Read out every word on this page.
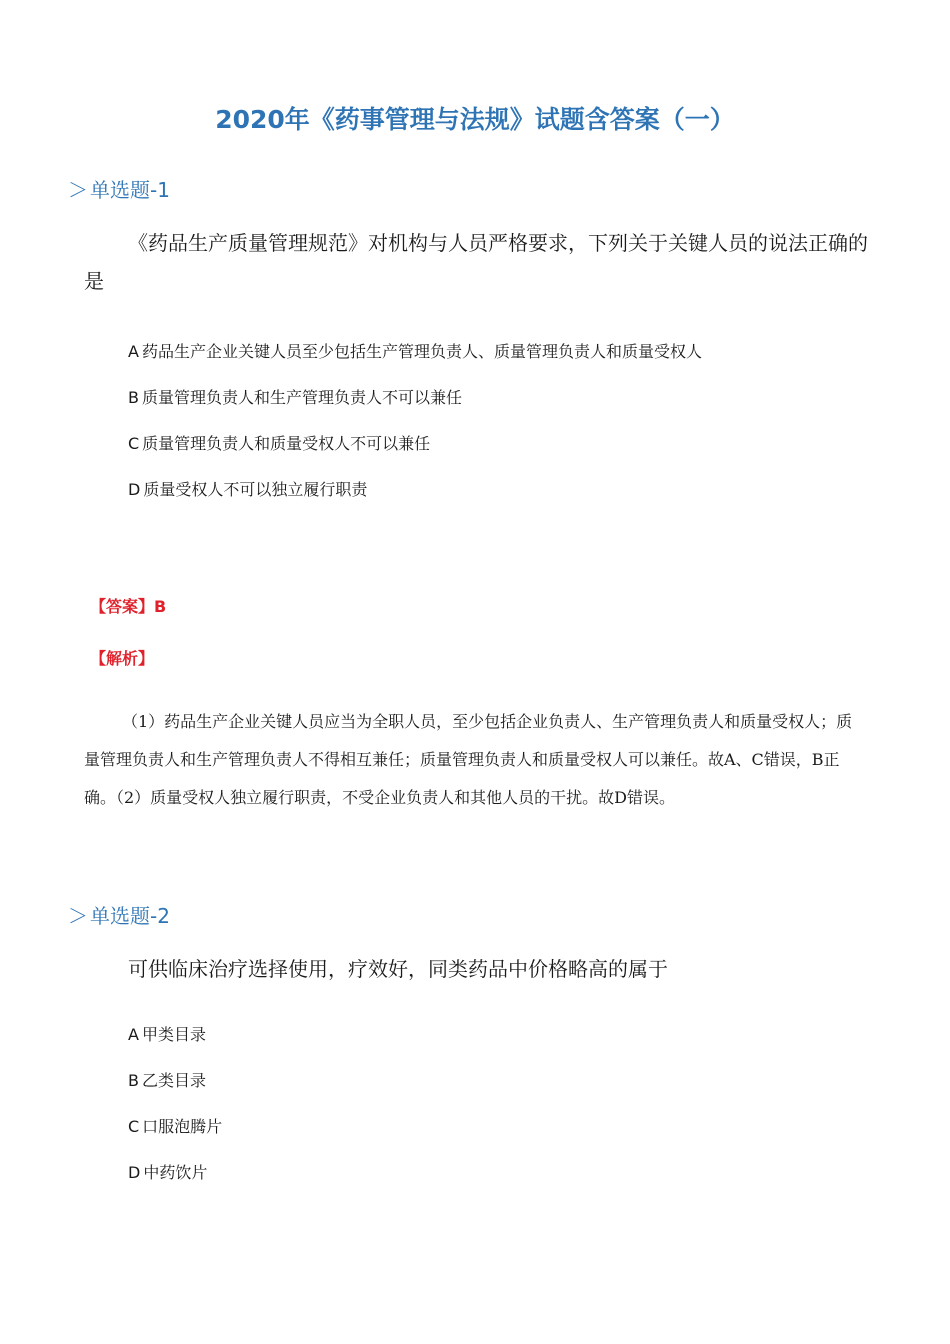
2020年《药事管理与法规》试题含答案（一）
＞ 单选题-1

《药品生产质量管理规范》对机构与人员严格要求，下列关于关键人员的说法正确的是

A 药品生产企业关键人员至少包括生产管理负责人、质量管理负责人和质量受权人
B 质量管理负责人和生产管理负责人不可以兼任
C 质量管理负责人和质量受权人不可以兼任
D 质量受权人不可以独立履行职责
【答案】B
【解析】

（1）药品生产企业关键人员应当为全职人员，至少包括企业负责人、生产管理负责人和质量受权人；质量管理负责人和生产管理负责人不得相互兼任；质量管理负责人和质量受权人可以兼任。故A、C错误，B正确。（2）质量受权人独立履行职责，不受企业负责人和其他人员的干扰。故D错误。

＞ 单选题-2

可供临床治疗选择使用，疗效好，同类药品中价格略高的属于

A 甲类目录
B 乙类目录
C 口服泡腾片
D 中药饮片
